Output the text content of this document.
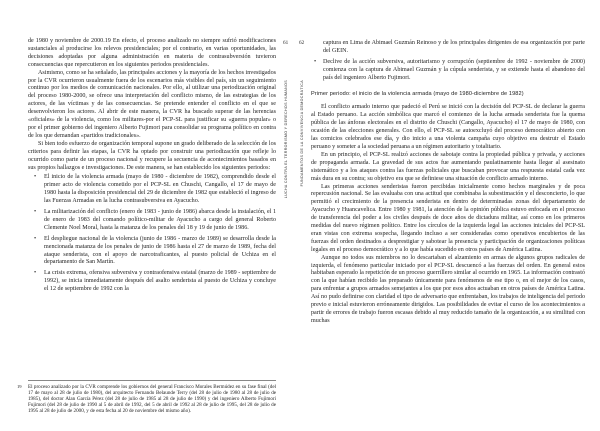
de 1980 y noviembre de 2000.19 En efecto, el proceso analizado no siempre sufrió modificaciones sustanciales al producirse los relevos presidenciales; por el contrario, en varias oportunidades, las decisiones adoptadas por alguna administración en materia de contrasubversión tuvieron consecuencias que repercutieron en los siguientes periodos presidenciales.

Asimismo, como se ha señalado, las principales acciones y la mayoría de los hechos investigados por la CVR ocurrieron usualmente fuera de los escenarios más visibles del país, sin un seguimiento continuo por los medios de comunicación nacionales. Por ello, al utilizar una periodización original del proceso 1980-2000, se ofrece una interpretación del conflicto mismo, de las estrategias de los actores, de las víctimas y de las consecuencias. Se pretende entender el conflicto en el que se desenvolvieron los actores. Al abrir de este manera, la CVR ha buscado superar de las herencias «oficiales» de la violencia, como los militares-por el PCP-SL para justificar su «guerra popular» o por el primer gobierno del ingeniero Alberto Fujimori para consolidar su programa político en contra de los que demandan «partidos tradicionales».

Si bien todo esfuerzo de organización temporal supone un grado deliberado de la selección de los criterios para definir las etapas, la CVR ha optado por construir una periodización que refleje lo ocurrido como parte de un proceso nacional y recupere la secuencia de acontecimientos basados en sus propios hallazgos e investigaciones. De este manera, se han establecido los siguientes periodos:

• El inicio de la violencia armada (mayo de 1980 - diciembre de 1982), comprendido desde el primer acto de violencia cometido por el PCP-SL en Chuschi, Cangallo, el 17 de mayo de 1980 hasta la disposición presidencial del 29 de diciembre de 1982 que estableció el ingreso de las Fuerzas Armadas en la lucha contrasubversiva en Ayacucho.
• La militarización del conflicto (enero de 1983 - junio de 1986) abarca desde la instalación, el 1 de enero de 1983 del comando político-militar de Ayacucho a cargo del general Roberto Clemente Noel Moral, hasta la matanza de los penales del 18 y 19 de junio de 1986.
• El despliegue nacional de la violencia (junio de 1986 - marzo de 1989) se desarrolla desde la mencionada matanza de los penales de junio de 1986 hasta el 27 de marzo de 1989, fecha del ataque senderista, con el apoyo de narcotraficantes, al puesto policial de Uchiza en el departamento de San Martín.
• La crisis extrema, ofensiva subversiva y contraofensiva estatal (marzo de 1989 - septiembre de 1992), se inicia inmediatamente después del asalto senderista al puesto de Uchiza y concluye el 12 de septiembre de 1992 con la
19 El proceso analizado por la CVR comprende los gobiernos del general Francisco Morales Bermúdez en su fase final (del 17 de mayo al 28 de julio de 1980), del arquitecto Fernando Belaunde Terry (del 28 de julio de 1980 al 28 de julio de 1985), del doctor Alan García Pérez (del 28 de julio de 1985 al 28 de julio de 1990) y del ingeniero Alberto Fujimori Fujimori (del 28 de julio de 1990 al 5 de abril de 1992, del 5 de abril de 1992 al 28 de julio de 1995, del 28 de julio de 1995 al 28 de julio de 2000, y de esta fecha al 20 de noviembre del mismo año).
61
LUCHA CONTRA EL TERRORISMO Y DERECHOS HUMANOS
62
FUNDAMENTOS DE LA CONVIVENCIA DEMOCRÁTICA
captura en Lima de Abimael Guzmán Reinoso y de los principales dirigentes de esa organización por parte del GEIN.
• Declive de la acción subversiva, autoritarismo y corrupción (septiembre de 1992 - noviembre de 2000) comienza con la captura de Abimael Guzmán y la cúpula senderista, y se extiende hasta el abandono del país del ingeniero Alberto Fujimori.
Primer periodo: el inicio de la violencia armada (mayo de 1980-diciembre de 1982)

El conflicto armado interno que padeció el Perú se inició con la decisión del PCP-SL de declarar la guerra al Estado peruano. La acción simbólica que marcó el comienzo de la lucha armada senderista fue la quema pública de las ánforas electorales en el distrito de Chuschi (Cangallo, Ayacucho) el 17 de mayo de 1980, con ocasión de las elecciones generales. Con ello, el PCP-SL se autoexcluyó del proceso democrático abierto con las comicios celebrados ese día, y dio inicio a una violenta campaña cuyo objetivo era destruir el Estado peruano y someter a la sociedad peruana a un régimen autoritario y totalitario.

En un principio, el PCP-SL realizó acciones de sabotaje contra la propiedad pública y privada, y acciones de propaganda armada. La gravedad de sus actos fue aumentando paulatinamente hasta llegar al asesinato sistemático y a los ataques contra las fuerzas policiales que buscaban provocar una respuesta estatal cada vez más dura en su contra; su objetivo era que se definiese una situación de conflicto armado interno.

Las primeras acciones senderistas fueron percibidas inicialmente como hechos marginales y de poca repercusión nacional. Se las evaluaba con una actitud que combinaba la subestimación y el desconcierto, lo que permitió el crecimiento de la presencia senderista en dentro de determinadas zonas del departamento de Ayacucho y Huancavelica. Entre 1980 y 1981, la atención de la opinión pública estuvo enfocada en el proceso de transferencia del poder a los civiles después de doce años de dictadura militar, así como en los primeros medidas del nuevo régimen político. Entre los círculos de la izquierda legal las acciones iniciales del PCP-SL eran vistas con extrema sospecha, llegando incluso a ser consideradas como operativos encubiertos de las fuerzas del orden destinados a desprestigiar y sabotear la presencia y participación de organizaciones políticas legales en el proceso democrático y a lo que había sucedido en otros países de América Latina.

Aunque no todos sus miembros no lo descartaban el alzamiento en armas de algunos grupos radicales de izquierda, el fenómeno particular iniciado por el PCP-SL descuencó a las fuerzas del orden. En general estos habitaban esperado la repetición de un proceso guerrillero similar al ocurrido en 1965. La información contrastó con la que habían recibido las preparado únicamente para fenómenos de ese tipo o, en el mejor de los casos, para enfrentar a grupos armados semejantes a los que por esos años actuaban en otros países de América Latina. Así no pudo definirse con claridad el tipo de adversario que enfrentaban, los trabajos de inteligencia del periodo previo e inicial estuvieron erróneamente dirigidos. Las posibilidades de evitar el curso de los acontecimientos a partir de errores de trabajo fueron escasas debido al muy reducido tamaño de la organización, a su similitud con muchas
